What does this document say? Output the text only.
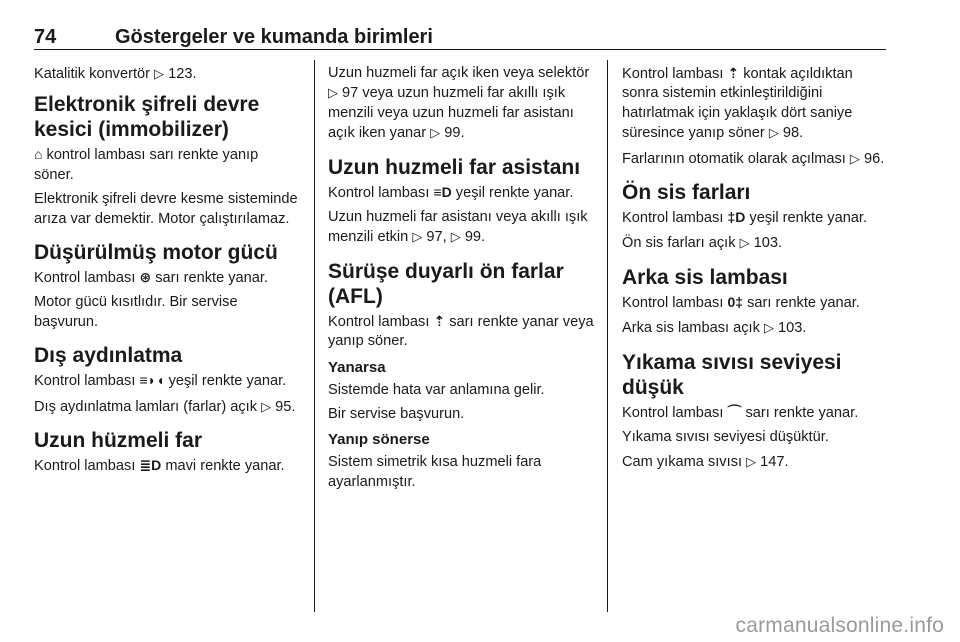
74	Göstergeler ve kumanda birimleri

Katalitik konvertör ▷ 123.

Elektronik şifreli devre kesici (immobilizer)

⌂ kontrol lambası sarı renkte yanıp söner.

Elektronik şifreli devre kesme sisteminde arıza var demektir. Motor çalıştırılamaz.

Düşürülmüş motor gücü

Kontrol lambası ⊛ sarı renkte yanar.

Motor gücü kısıtlıdır. Bir servise başvurun.

Dış aydınlatma

Kontrol lambası ≡◗◖ yeşil renkte yanar.

Dış aydınlatma lamları (farlar) açık ▷ 95.

Uzun hüzmeli far

Kontrol lambası ≣D mavi renkte yanar.

Uzun huzmeli far açık iken veya selektör ▷ 97 veya uzun huzmeli far akıllı ışık menzili veya uzun huzmeli far asistanı açık iken yanar ▷ 99.

Uzun huzmeli far asistanı

Kontrol lambası ≡D yeşil renkte yanar.

Uzun huzmeli far asistanı veya akıllı ışık menzili etkin ▷ 97, ▷ 99.

Sürüşe duyarlı ön farlar (AFL)

Kontrol lambası ⇡ sarı renkte yanar veya yanıp söner.

Yanarsa

Sistemde hata var anlamına gelir.

Bir servise başvurun.

Yanıp sönerse

Sistem simetrik kısa huzmeli fara ayarlanmıştır.

Kontrol lambası ⇡ kontak açıldıktan sonra sistemin etkinleştirildiğini hatırlatmak için yaklaşık dört saniye süresince yanıp söner ▷ 98.

Farlarının otomatik olarak açılması ▷ 96.

Ön sis farları

Kontrol lambası ‡D yeşil renkte yanar.

Ön sis farları açık ▷ 103.

Arka sis lambası

Kontrol lambası 0‡ sarı renkte yanar.

Arka sis lambası açık ▷ 103.

Yıkama sıvısı seviyesi düşük

Kontrol lambası ⌒ sarı renkte yanar.

Yıkama sıvısı seviyesi düşüktür.

Cam yıkama sıvısı ▷ 147.

carmanualsonline.info
